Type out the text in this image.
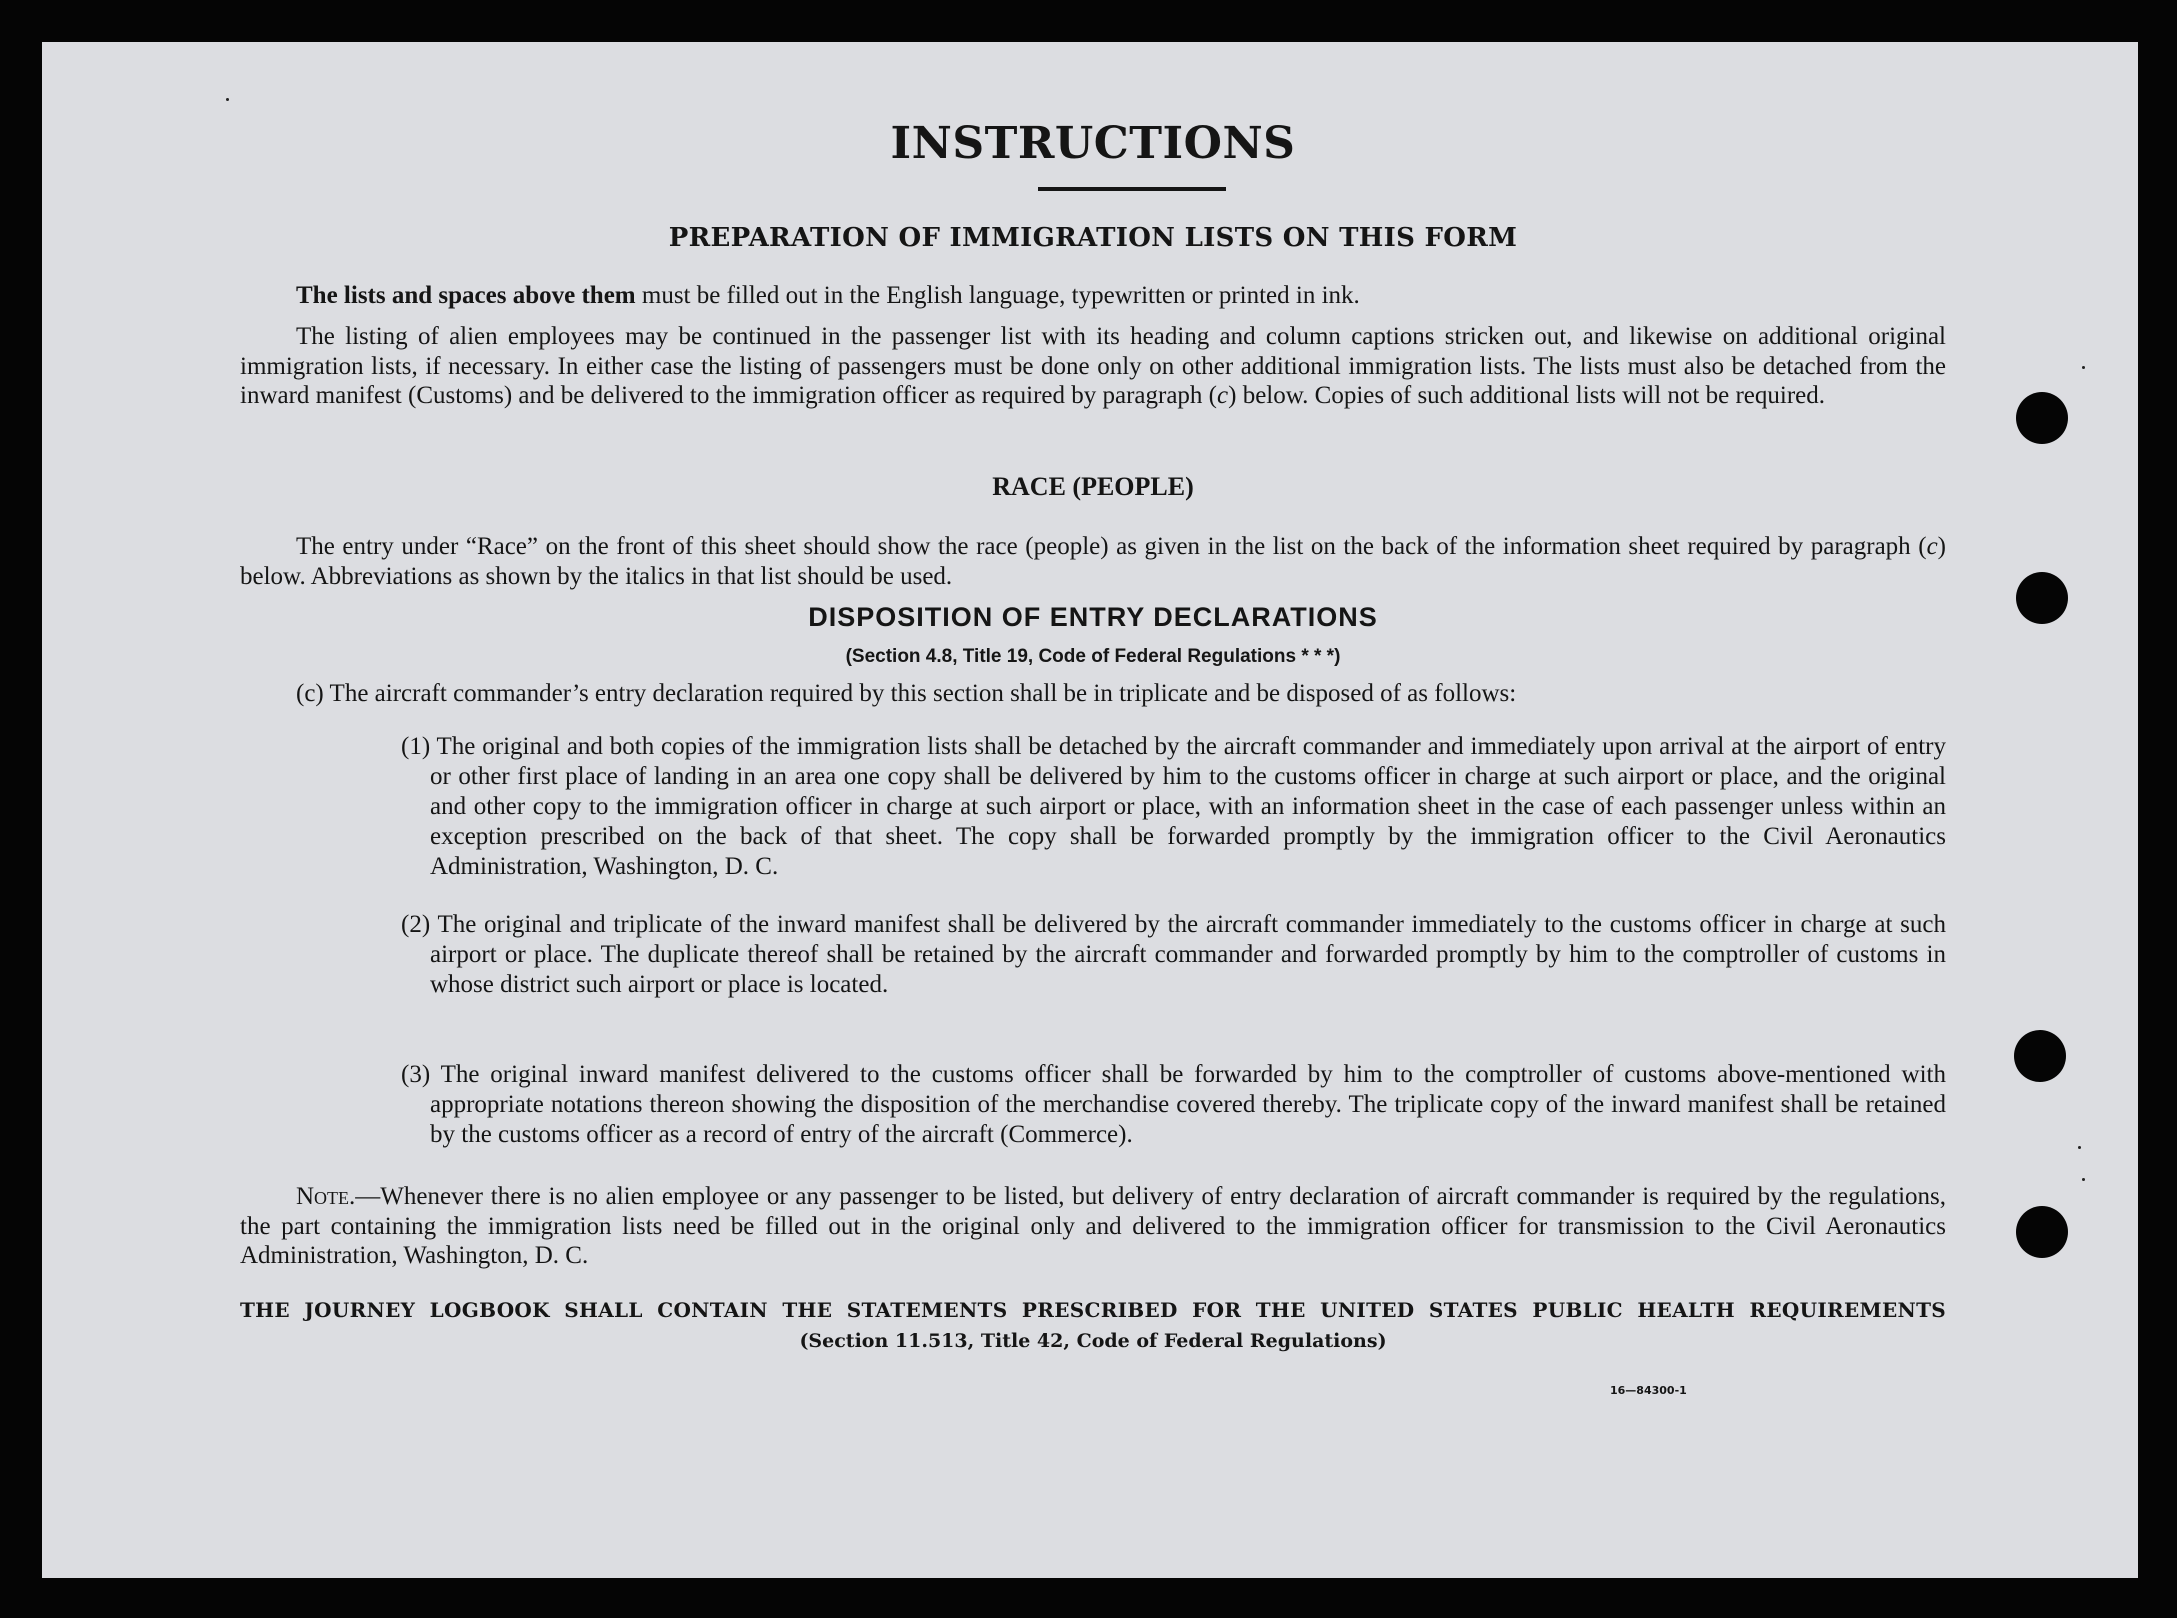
INSTRUCTIONS
PREPARATION OF IMMIGRATION LISTS ON THIS FORM
The lists and spaces above them must be filled out in the English language, typewritten or printed in ink.
The listing of alien employees may be continued in the passenger list with its heading and column captions stricken out, and likewise on additional original immigration lists, if necessary. In either case the listing of passengers must be done only on other additional immigration lists. The lists must also be detached from the inward manifest (Customs) and be delivered to the immigration officer as required by paragraph (c) below. Copies of such additional lists will not be required.
RACE (PEOPLE)
The entry under “Race” on the front of this sheet should show the race (people) as given in the list on the back of the information sheet required by paragraph (c) below. Abbreviations as shown by the italics in that list should be used.
DISPOSITION OF ENTRY DECLARATIONS
(Section 4.8, Title 19, Code of Federal Regulations * * *)
(c) The aircraft commander’s entry declaration required by this section shall be in triplicate and be disposed of as follows:
(1) The original and both copies of the immigration lists shall be detached by the aircraft commander and immediately upon arrival at the airport of entry or other first place of landing in an area one copy shall be delivered by him to the customs officer in charge at such airport or place, and the original and other copy to the immigration officer in charge at such airport or place, with an information sheet in the case of each passenger unless within an exception prescribed on the back of that sheet. The copy shall be forwarded promptly by the immigration officer to the Civil Aeronautics Administration, Washington, D. C.
(2) The original and triplicate of the inward manifest shall be delivered by the aircraft commander immediately to the customs officer in charge at such airport or place. The duplicate thereof shall be retained by the aircraft commander and forwarded promptly by him to the comptroller of customs in whose district such airport or place is located.
(3) The original inward manifest delivered to the customs officer shall be forwarded by him to the comptroller of customs above-mentioned with appropriate notations thereon showing the disposition of the merchandise covered thereby. The triplicate copy of the inward manifest shall be retained by the customs officer as a record of entry of the aircraft (Commerce).
Note.—Whenever there is no alien employee or any passenger to be listed, but delivery of entry declaration of aircraft commander is required by the regulations, the part containing the immigration lists need be filled out in the original only and delivered to the immigration officer for transmission to the Civil Aeronautics Administration, Washington, D. C.
THE JOURNEY LOGBOOK SHALL CONTAIN THE STATEMENTS PRESCRIBED FOR THE UNITED STATES PUBLIC HEALTH REQUIREMENTS
(Section 11.513, Title 42, Code of Federal Regulations)
16—84300-1
